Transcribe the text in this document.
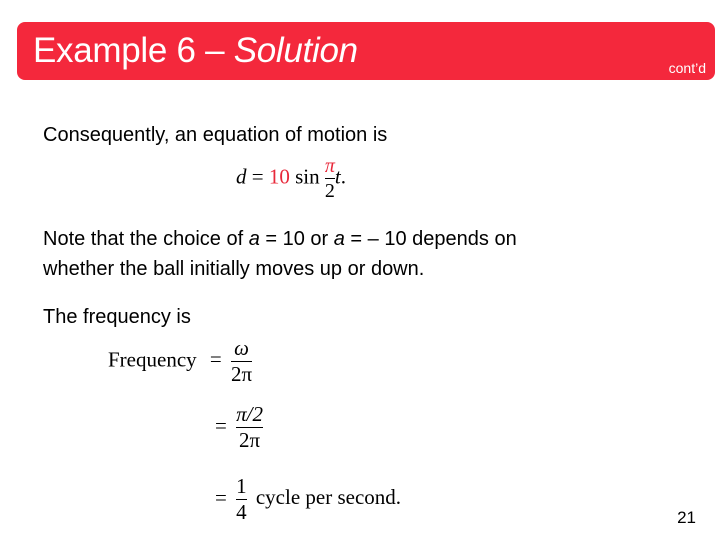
Example 6 – Solution	cont’d
Consequently, an equation of motion is
d = 10 $\sin \frac{\pi}{2} t$.
Note that the choice of a = 10 or a = – 10 depends on
whether the ball initially moves up or down.
The frequency is
Frequency = $\frac{\omega}{2\pi}$
= $\frac{\pi/2}{2\pi}$
= $\frac{1}{4}$ cycle per second.
21
